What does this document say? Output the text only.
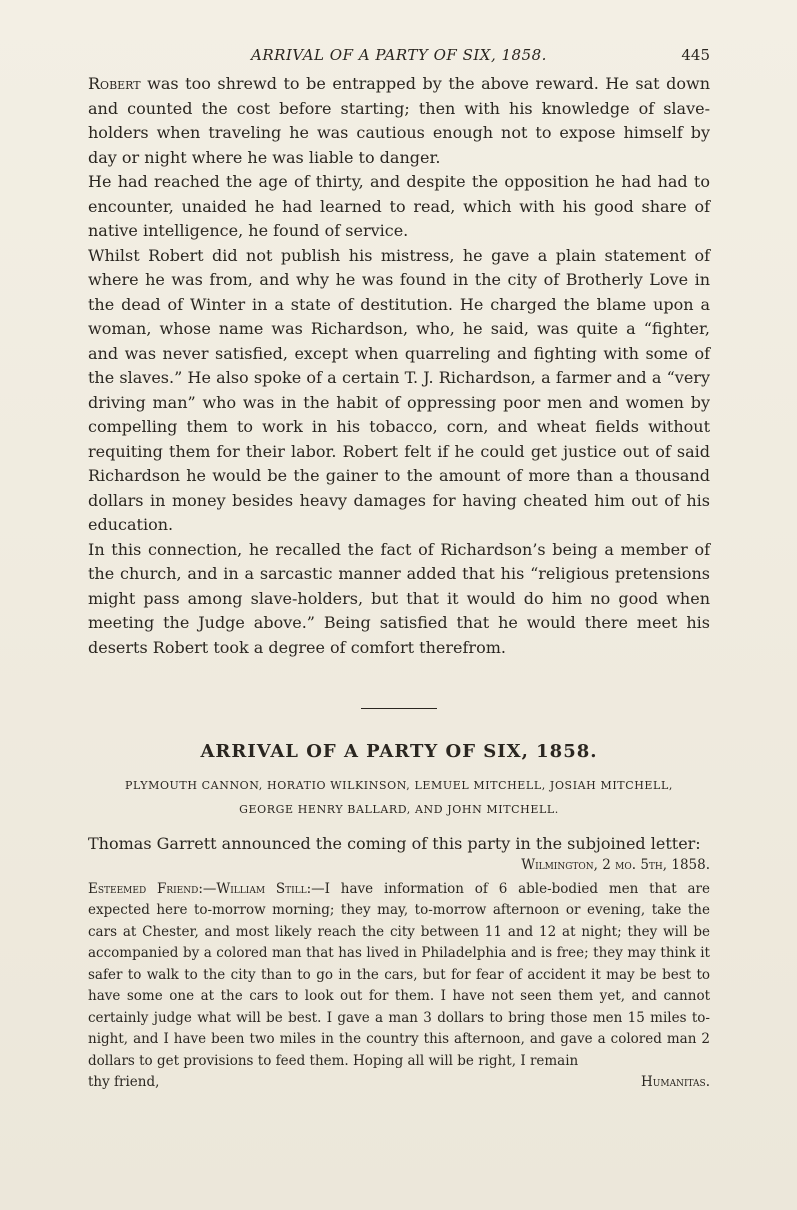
ARRIVAL OF A PARTY OF SIX, 1858.	445

Robert was too shrewd to be entrapped by the above reward. He sat down and counted the cost before starting; then with his knowledge of slave-holders when traveling he was cautious enough not to expose himself by day or night where he was liable to danger.

He had reached the age of thirty, and despite the opposition he had had to encounter, unaided he had learned to read, which with his good share of native intelligence, he found of service.

Whilst Robert did not publish his mistress, he gave a plain statement of where he was from, and why he was found in the city of Brotherly Love in the dead of Winter in a state of destitution. He charged the blame upon a woman, whose name was Richardson, who, he said, was quite a “fighter, and was never satisfied, except when quarreling and fighting with some of the slaves.” He also spoke of a certain T. J. Richardson, a farmer and a “very driving man” who was in the habit of oppressing poor men and women by compelling them to work in his tobacco, corn, and wheat fields without requiting them for their labor. Robert felt if he could get justice out of said Richardson he would be the gainer to the amount of more than a thousand dollars in money besides heavy damages for having cheated him out of his education.

In this connection, he recalled the fact of Richardson’s being a member of the church, and in a sarcastic manner added that his “religious pretensions might pass among slave-holders, but that it would do him no good when meeting the Judge above.” Being satisfied that he would there meet his deserts Robert took a degree of comfort therefrom.

ARRIVAL OF A PARTY OF SIX, 1858.
PLYMOUTH CANNON, HORATIO WILKINSON, LEMUEL MITCHELL, JOSIAH MITCHELL,
GEORGE HENRY BALLARD, AND JOHN MITCHELL.

Thomas Garrett announced the coming of this party in the subjoined letter:

Wilmington, 2 mo. 5th, 1858.

Esteemed Friend:—William Still:—I have information of 6 able-bodied men that are expected here to-morrow morning; they may, to-morrow afternoon or evening, take the cars at Chester, and most likely reach the city between 11 and 12 at night; they will be accompanied by a colored man that has lived in Philadelphia and is free; they may think it safer to walk to the city than to go in the cars, but for fear of accident it may be best to have some one at the cars to look out for them. I have not seen them yet, and cannot certainly judge what will be best. I gave a man 3 dollars to bring those men 15 miles to-night, and I have been two miles in the country this afternoon, and gave a colored man 2 dollars to get provisions to feed them. Hoping all will be right, I remain

thy friend,	Humanitas.
